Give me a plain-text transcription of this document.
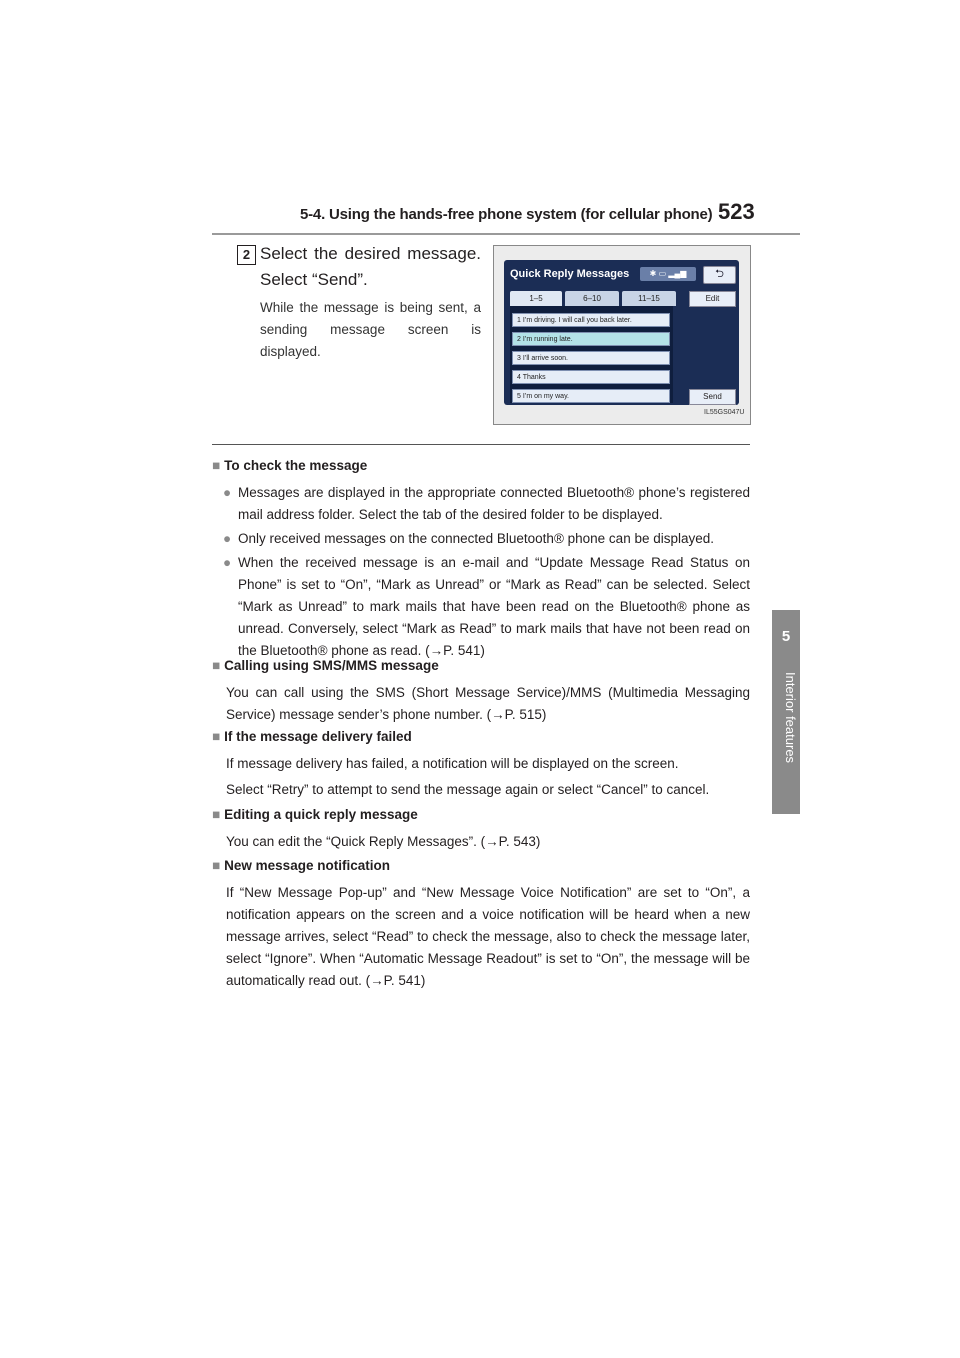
5-4. Using the hands-free phone system (for cellular phone) 523
5
Interior features
2 Select the desired message. Select “Send”.
While the message is being sent, a sending message screen is displayed.
Quick Reply Messages	✱ ▭ ▂▄▆	⮌
1–5	6–10	11–15	Edit
1 I’m driving. I will call you back later.
2 I’m running late.
3 I’ll arrive soon.
4 Thanks
5 I’m on my way.	Send
IL55GS047U
■ To check the message
● Messages are displayed in the appropriate connected Bluetooth® phone’s registered mail address folder. Select the tab of the desired folder to be displayed.
● Only received messages on the connected Bluetooth® phone can be displayed.
● When the received message is an e-mail and “Update Message Read Status on Phone” is set to “On”, “Mark as Unread” or “Mark as Read” can be selected. Select “Mark as Unread” to mark mails that have been read on the Bluetooth® phone as unread. Conversely, select “Mark as Read” to mark mails that have not been read on the Bluetooth® phone as read. (→P. 541)
■ Calling using SMS/MMS message
You can call using the SMS (Short Message Service)/MMS (Multimedia Messaging Service) message sender’s phone number. (→P. 515)
■ If the message delivery failed
If message delivery has failed, a notification will be displayed on the screen.
Select “Retry” to attempt to send the message again or select “Cancel” to cancel.
■ Editing a quick reply message
You can edit the “Quick Reply Messages”. (→P. 543)
■ New message notification
If “New Message Pop-up” and “New Message Voice Notification” are set to “On”, a notification appears on the screen and a voice notification will be heard when a new message arrives, select “Read” to check the message, also to check the message later, select “Ignore”. When “Automatic Message Readout” is set to “On”, the message will be automatically read out. (→P. 541)
